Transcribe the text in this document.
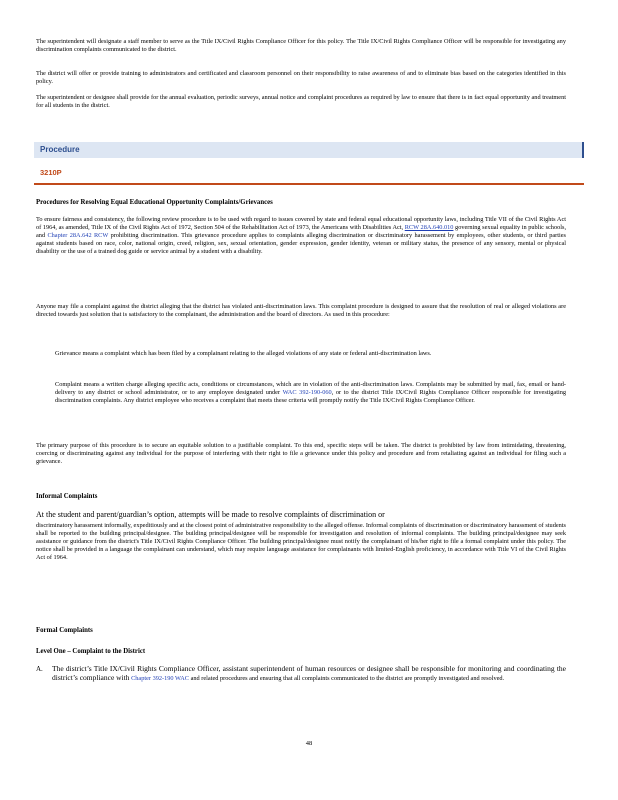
The superintendent will designate a staff member to serve as the Title IX/Civil Rights Compliance Officer for this policy. The Title IX/Civil Rights Compliance Officer will be responsible for investigating any discrimination complaints communicated to the district.
The district will offer or provide training to administrators and certificated and classroom personnel on their responsibility to raise awareness of and to eliminate bias based on the categories identified in this policy.
The superintendent or designee shall provide for the annual evaluation, periodic surveys, annual notice and complaint procedures as required by law to ensure that there is in fact equal opportunity and treatment for all students in the district.
Procedure
3210P
Procedures for Resolving Equal Educational Opportunity Complaints/Grievances
To ensure fairness and consistency, the following review procedure is to be used with regard to issues covered by state and federal equal educational opportunity laws, including Title VII of the Civil Rights Act of 1964, as amended, Title IX of the Civil Rights Act of 1972, Section 504 of the Rehabilitation Act of 1973, the Americans with Disabilities Act, RCW 28A.640.010 governing sexual equality in public schools, and Chapter 28A.642 RCW prohibiting discrimination. This grievance procedure applies to complaints alleging discrimination or discriminatory harassement by employees, other students, or third parties against students based on race, color, national origin, creed, religion, sex, sexual orientation, gender expression, gender identity, veteran or military status, the presence of any sensory, mental or physical disability or the use of a trained dog guide or service animal by a student with a disability.
Anyone may file a complaint against the district alleging that the district has violated anti-discrimination laws. This complaint procedure is designed to assure that the resolution of real or alleged violations are directed towards just solution that is satisfactory to the complainant, the administration and the board of directors. As used in this procedure:
Grievance means a complaint which has been filed by a complainant relating to the alleged violations of any state or federal anti-discrimination laws.
Complaint means a written charge alleging specific acts, conditions or circumstances, which are in violation of the anti-discrimination laws. Complaints may be submitted by mail, fax, email or hand-delivery to any district or school administrator, or to any employee designated under WAC 392-190-060, or to the district Title IX/Civil Rights Compliance Officer responsible for investigating discrimination complaints. Any district employee who receives a complaint that meets these criteria will promptly notify the Title IX/Civil Rights Compliance Officer.
The primary purpose of this procedure is to secure an equitable solution to a justifiable complaint. To this end, specific steps will be taken. The district is prohibited by law from intimidating, threatening, coercing or discriminating against any individual for the purpose of interfering with their right to file a grievance under this policy and procedure and from retaliating against an individual for filing such a grievance.
Informal Complaints
At the student and parent/guardian’s option, attempts will be made to resolve complaints of discrimination or
discriminatory harassment informally, expeditiously and at the closest point of administrative responsibility to the alleged offense. Informal complaints of discrimination or discriminatory harassment of students shall be reported to the building principal/designee. The building principal/designee will be responsible for investigation and resolution of informal complaints. The building principal/designee may seek assistance or guidance from the district's Title IX/Civil Rights Compliance Officer. The building principal/designee must notify the complainant of his/her right to file a formal complaint under this policy. The notice shall be provided in a language the complainant can understand, which may require language assistance for complainants with limited-English proficiency, in accordance with Title VI of the Civil Rights Act of 1964.
Formal Complaints
Level One – Complaint to the District
A. The district’s Title IX/Civil Rights Compliance Officer, assistant superintendent of human resources or designee shall be responsible for monitoring and coordinating the district’s compliance with Chapter 392-190 WAC and related procedures and ensuring that all complaints communicated to the district are promptly investigated and resolved.
48
